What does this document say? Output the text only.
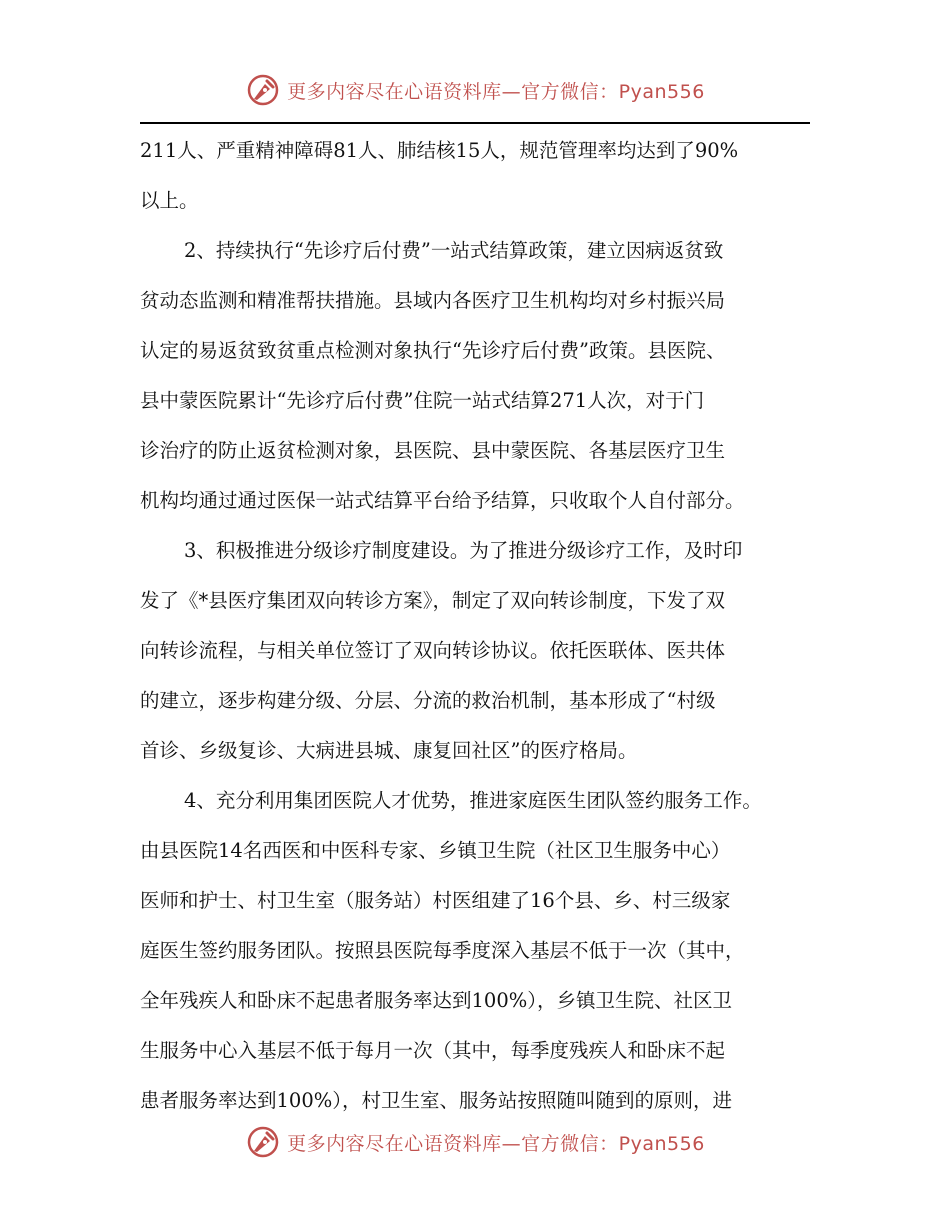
更多内容尽在心语资料库—官方微信：Pyan556
211人、严重精神障碍81人、肺结核15人，规范管理率均达到了90%
以上。
2、持续执行“先诊疗后付费”一站式结算政策，建立因病返贫致
贫动态监测和精准帮扶措施。县域内各医疗卫生机构均对乡村振兴局
认定的易返贫致贫重点检测对象执行“先诊疗后付费”政策。县医院、
县中蒙医院累计“先诊疗后付费”住院一站式结算271人次，对于门
诊治疗的防止返贫检测对象，县医院、县中蒙医院、各基层医疗卫生
机构均通过通过医保一站式结算平台给予结算，只收取个人自付部分。
3、积极推进分级诊疗制度建设。为了推进分级诊疗工作，及时印
发了《*县医疗集团双向转诊方案》，制定了双向转诊制度，下发了双
向转诊流程，与相关单位签订了双向转诊协议。依托医联体、医共体
的建立，逐步构建分级、分层、分流的救治机制，基本形成了“村级
首诊、乡级复诊、大病进县城、康复回社区”的医疗格局。
4、充分利用集团医院人才优势，推进家庭医生团队签约服务工作。
由县医院14名西医和中医科专家、乡镇卫生院（社区卫生服务中心）
医师和护士、村卫生室（服务站）村医组建了16个县、乡、村三级家
庭医生签约服务团队。按照县医院每季度深入基层不低于一次（其中，
全年残疾人和卧床不起患者服务率达到100%），乡镇卫生院、社区卫
生服务中心入基层不低于每月一次（其中，每季度残疾人和卧床不起
患者服务率达到100%），村卫生室、服务站按照随叫随到的原则，进
更多内容尽在心语资料库—官方微信：Pyan556
